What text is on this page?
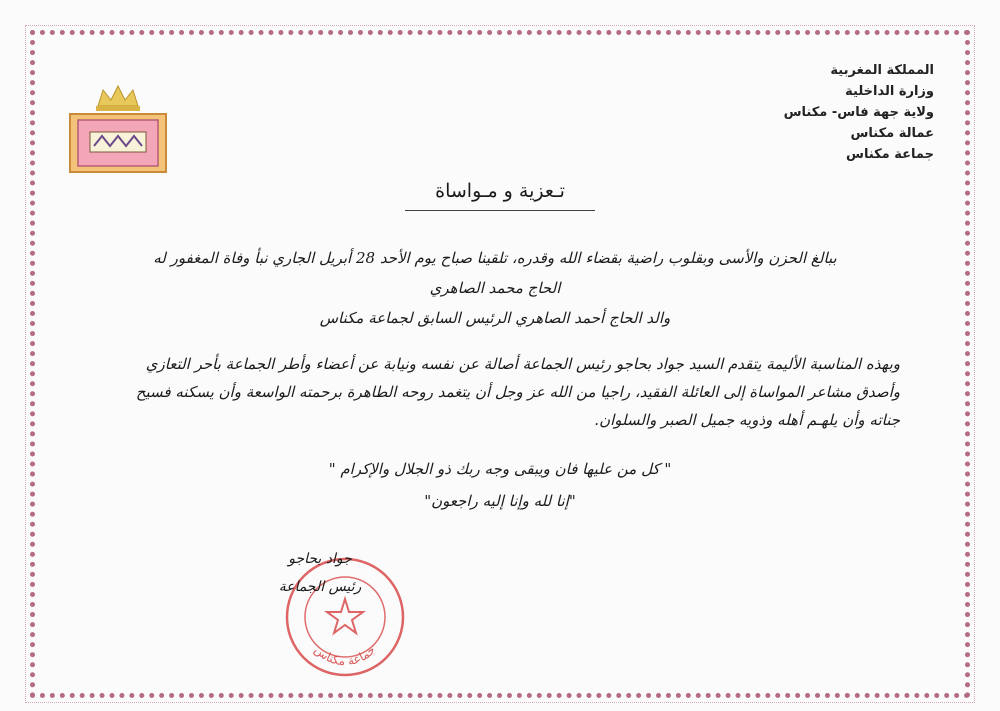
المملكة المغربية
وزارة الداخلية
ولاية جهة فاس- مكناس
عمالة مكناس
جماعة مكناس
تـعزية و مـواساة
ببالغ الحزن والأسى وبقلوب راضية بقضاء الله وقدره، تلقينا صباح يوم الأحد 28 أبريل الجاري نبأ وفاة المغفور له
الحاج محمد الصاهري
والد الحاج أحمد الصاهري الرئيس السابق لجماعة مكناس
وبهذه المناسبة الأليمة يتقدم السيد جواد بحاجو رئيس الجماعة أصالة عن نفسه ونيابة عن أعضاء وأطر الجماعة بأحر التعازي
وأصدق مشاعر المواساة إلى العائلة الفقيد، راجيا من الله عز وجل أن يتغمد روحه الطاهرة برحمته الواسعة وأن يسكنه فسيح
جناته وأن يلهـم أهله وذويه جميل الصبر والسلوان.
" كل من عليها فان ويبقى وجه ربك ذو الجلال والإكرام "
"إنا لله وإنا إليه راجعون"
جماعة مكناس
جواد بحاجو
رئيس الجماعة
